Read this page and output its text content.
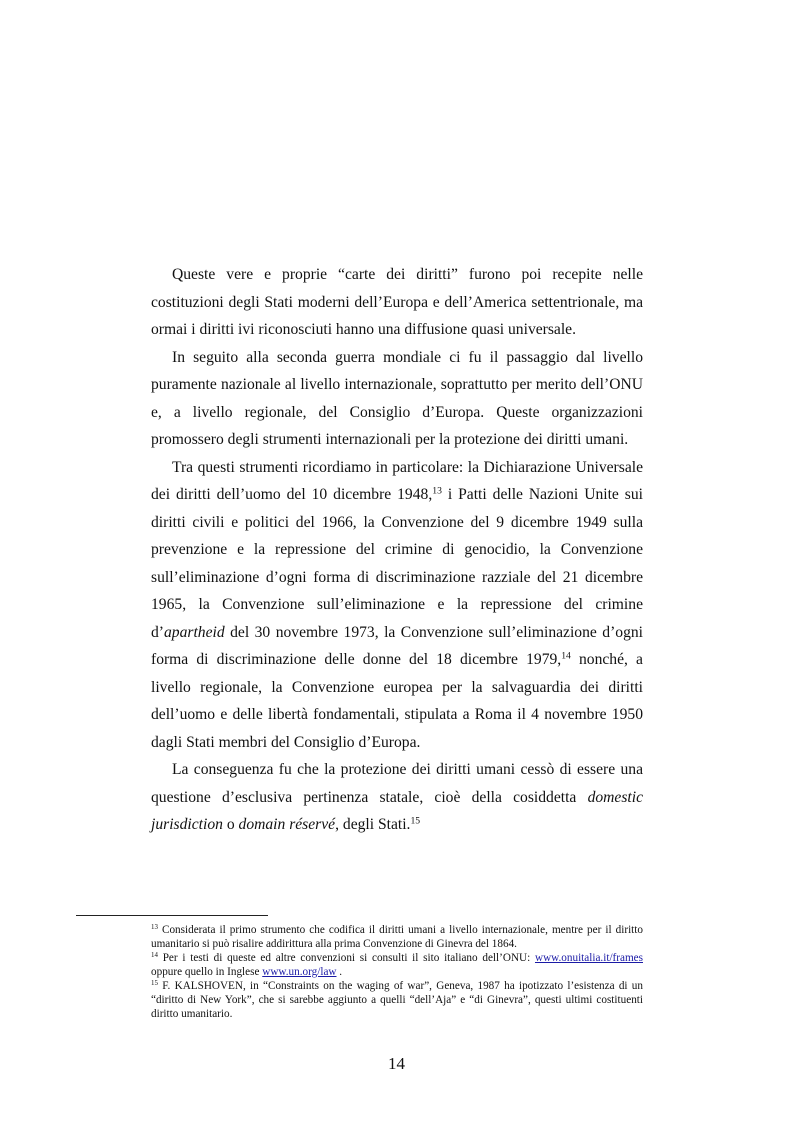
Queste vere e proprie “carte dei diritti” furono poi recepite nelle costituzioni degli Stati moderni dell’Europa e dell’America settentrionale, ma ormai i diritti ivi riconosciuti hanno una diffusione quasi universale.

In seguito alla seconda guerra mondiale ci fu il passaggio dal livello puramente nazionale al livello internazionale, soprattutto per merito dell’ONU e, a livello regionale, del Consiglio d’Europa. Queste organizzazioni promossero degli strumenti internazionali per la protezione dei diritti umani.

Tra questi strumenti ricordiamo in particolare: la Dichiarazione Universale dei diritti dell’uomo del 10 dicembre 1948,13 i Patti delle Nazioni Unite sui diritti civili e politici del 1966, la Convenzione del 9 dicembre 1949 sulla prevenzione e la repressione del crimine di genocidio, la Convenzione sull’eliminazione d’ogni forma di discriminazione razziale del 21 dicembre 1965, la Convenzione sull’eliminazione e la repressione del crimine d’apartheid del 30 novembre 1973, la Convenzione sull’eliminazione d’ogni forma di discriminazione delle donne del 18 dicembre 1979,14 nonché, a livello regionale, la Convenzione europea per la salvaguardia dei diritti dell’uomo e delle libertà fondamentali, stipulata a Roma il 4 novembre 1950 dagli Stati membri del Consiglio d’Europa.

La conseguenza fu che la protezione dei diritti umani cessò di essere una questione d’esclusiva pertinenza statale, cioè della cosiddetta domestic jurisdiction o domain réservé, degli Stati.$^{15}$

$^{13}$ Considerata il primo strumento che codifica il diritti umani a livello internazionale, mentre per il diritto umanitario si può risalire addirittura alla prima Convenzione di Ginevra del 1864.

$^{14}$ Per i testi di queste ed altre convenzioni si consulti il sito italiano dell’ONU: www.onuitalia.it/frames oppure quello in Inglese www.un.org/law .

$^{15}$ F. KALSHOVEN, in “Constraints on the waging of war”, Geneva, 1987 ha ipotizzato l’esistenza di un “diritto di New York”, che si sarebbe aggiunto a quelli “dell’Aja” e “di Ginevra”, questi ultimi costituenti diritto umanitario.

14
